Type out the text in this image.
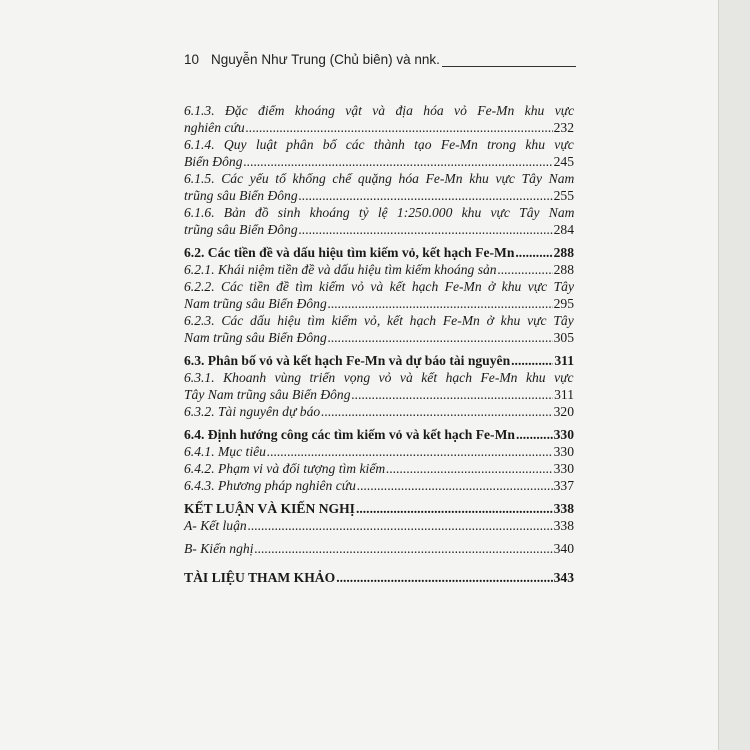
10 Nguyễn Như Trung (Chủ biên) và nnk.
6.1.3. Đặc điểm khoáng vật và địa hóa vỏ Fe-Mn khu vực
nghiên cứu .....	232
6.1.4. Quy luật phân bố các thành tạo Fe-Mn trong khu vực
Biển Đông .....	245
6.1.5. Các yếu tố khống chế quặng hóa Fe-Mn khu vực Tây Nam
trũng sâu Biển Đông .....	255
6.1.6. Bản đồ sinh khoáng tỷ lệ 1:250.000 khu vực Tây Nam
trũng sâu Biển Đông .....	284
6.2. Các tiền đề và dấu hiệu tìm kiếm vỏ, kết hạch Fe-Mn .....	288
6.2.1. Khái niệm tiền đề và dấu hiệu tìm kiếm khoáng sản .....	288
6.2.2. Các tiền đề tìm kiếm vỏ và kết hạch Fe-Mn ở khu vực Tây
Nam trũng sâu Biển Đông .....	295
6.2.3. Các dấu hiệu tìm kiếm vỏ, kết hạch Fe-Mn ở khu vực Tây
Nam trũng sâu Biển Đông .....	305
6.3. Phân bố vỏ và kết hạch Fe-Mn và dự báo tài nguyên .....	311
6.3.1. Khoanh vùng triển vọng vỏ và kết hạch Fe-Mn khu vực
Tây Nam trũng sâu Biển Đông .....	311
6.3.2. Tài nguyên dự báo .....	320
6.4. Định hướng công các tìm kiếm vỏ và kết hạch Fe-Mn .....	330
6.4.1. Mục tiêu .....	330
6.4.2. Phạm vi và đối tượng tìm kiếm .....	330
6.4.3. Phương pháp nghiên cứu .....	337
KẾT LUẬN VÀ KIẾN NGHỊ .....	338
A- Kết luận .....	338
B- Kiến nghị .....	340
TÀI LIỆU THAM KHẢO .....	343
